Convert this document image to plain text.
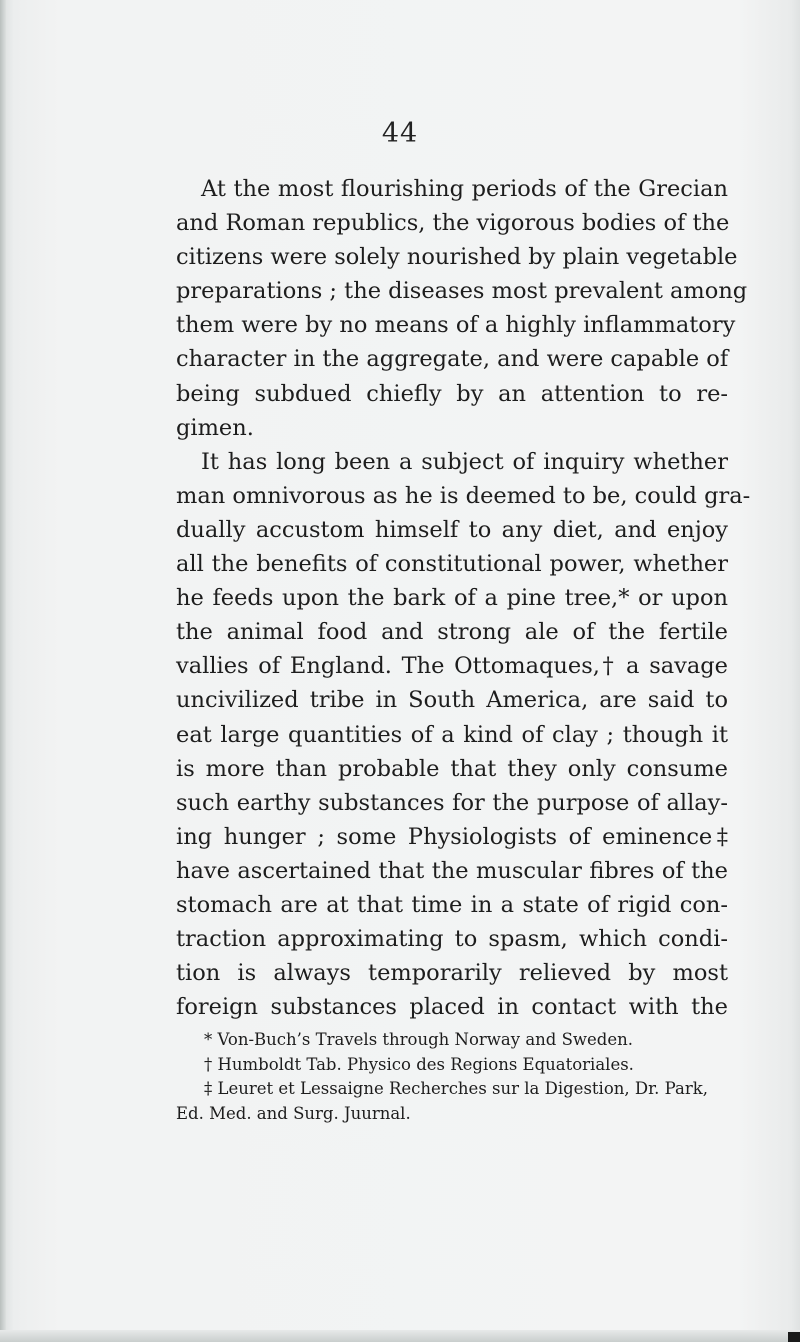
44
At the most flourishing periods of the Grecian
and Roman republics, the vigorous bodies of the
citizens were solely nourished by plain vegetable
preparations ; the diseases most prevalent among
them were by no means of a highly inflammatory
character in the aggregate, and were capable of
being subdued chiefly by an attention to re-
gimen.
It has long been a subject of inquiry whether
man omnivorous as he is deemed to be, could gra-
dually accustom himself to any diet, and enjoy
all the benefits of constitutional power, whether
he feeds upon the bark of a pine tree,* or upon
the animal food and strong ale of the fertile
vallies of England. The Ottomaques,† a savage
uncivilized tribe in South America, are said to
eat large quantities of a kind of clay ; though it
is more than probable that they only consume
such earthy substances for the purpose of allay-
ing hunger ; some Physiologists of eminence‡
have ascertained that the muscular fibres of the
stomach are at that time in a state of rigid con-
traction approximating to spasm, which condi-
tion is always temporarily relieved by most
foreign substances placed in contact with the
* Von-Buch’s Travels through Norway and Sweden.
† Humboldt Tab. Physico des Regions Equatoriales.
‡ Leuret et Lessaigne Recherches sur la Digestion, Dr. Park,
Ed. Med. and Surg. Juurnal.
